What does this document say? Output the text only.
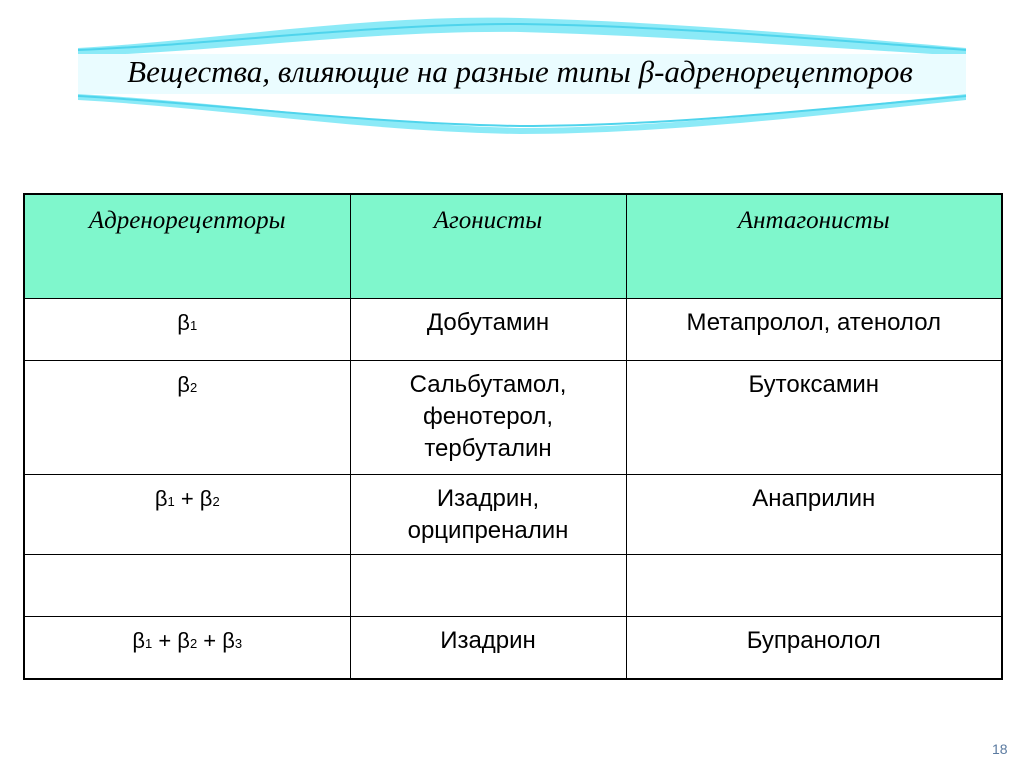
Вещества, влияющие на разные типы β-адренорецепторов
Адренорецепторы	Агонисты	Антагонисты
β1	Добутамин	Метапролол, атенолол

β2	Сальбутамол,
фенотерол,
тербуталин	Бутоксамин

β1 + β2	Изадрин,
орципреналин	Анаприлин

β1 + β2 + β3	Изадрин	Бупранолол
18
